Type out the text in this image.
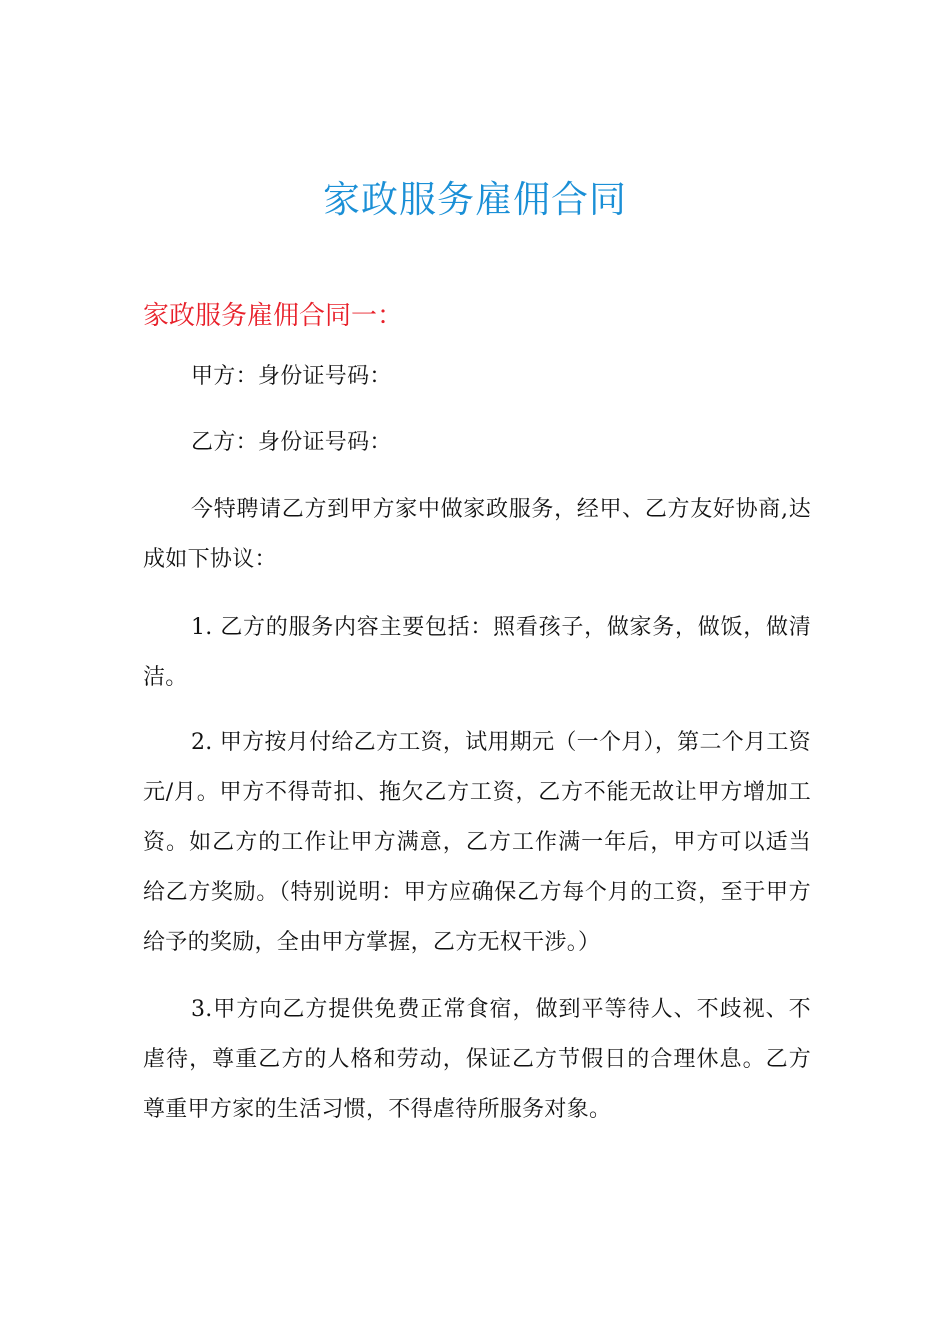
家政服务雇佣合同
家政服务雇佣合同一：

甲方：身份证号码：

乙方：身份证号码：

今特聘请乙方到甲方家中做家政服务，经甲、乙方友好协商,达成如下协议：

1. 乙方的服务内容主要包括：照看孩子，做家务，做饭，做清洁。

2. 甲方按月付给乙方工资，试用期元（一个月），第二个月工资元/月。甲方不得苛扣、拖欠乙方工资，乙方不能无故让甲方增加工资。如乙方的工作让甲方满意，乙方工作满一年后，甲方可以适当给乙方奖励。（特别说明：甲方应确保乙方每个月的工资，至于甲方给予的奖励，全由甲方掌握，乙方无权干涉。）

3.甲方向乙方提供免费正常食宿，做到平等待人、不歧视、不虐待，尊重乙方的人格和劳动，保证乙方节假日的合理休息。乙方尊重甲方家的生活习惯，不得虐待所服务对象。
